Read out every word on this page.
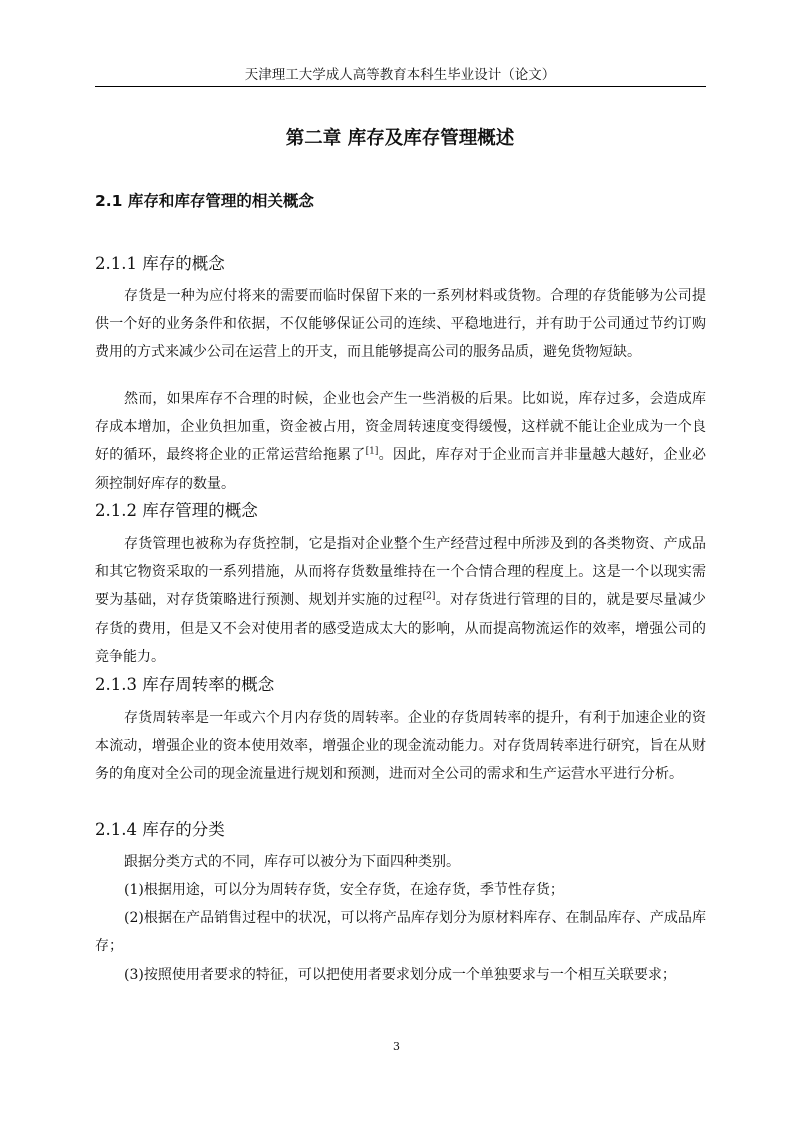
天津理工大学成人高等教育本科生毕业设计（论文）
第二章 库存及库存管理概述
2.1 库存和库存管理的相关概念
2.1.1 库存的概念

存货是一种为应付将来的需要而临时保留下来的一系列材料或货物。合理的存货能够为公司提供一个好的业务条件和依据，不仅能够保证公司的连续、平稳地进行，并有助于公司通过节约订购费用的方式来减少公司在运营上的开支，而且能够提高公司的服务品质，避免货物短缺。

然而，如果库存不合理的时候，企业也会产生一些消极的后果。比如说，库存过多，会造成库存成本增加，企业负担加重，资金被占用，资金周转速度变得缓慢，这样就不能让企业成为一个良好的循环，最终将企业的正常运营给拖累了[1]。因此，库存对于企业而言并非量越大越好，企业必须控制好库存的数量。

2.1.2 库存管理的概念

存货管理也被称为存货控制，它是指对企业整个生产经营过程中所涉及到的各类物资、产成品和其它物资采取的一系列措施，从而将存货数量维持在一个合情合理的程度上。这是一个以现实需要为基础，对存货策略进行预测、规划并实施的过程[2]。对存货进行管理的目的，就是要尽量减少存货的费用，但是又不会对使用者的感受造成太大的影响，从而提高物流运作的效率，增强公司的竞争能力。

2.1.3 库存周转率的概念

存货周转率是一年或六个月内存货的周转率。企业的存货周转率的提升，有利于加速企业的资本流动，增强企业的资本使用效率，增强企业的现金流动能力。对存货周转率进行研究，旨在从财务的角度对全公司的现金流量进行规划和预测，进而对全公司的需求和生产运营水平进行分析。

2.1.4 库存的分类

跟据分类方式的不同，库存可以被分为下面四种类别。

(1)根据用途，可以分为周转存货，安全存货，在途存货，季节性存货；

(2)根据在产品销售过程中的状况，可以将产品库存划分为原材料库存、在制品库存、产成品库存；

(3)按照使用者要求的特征，可以把使用者要求划分成一个单独要求与一个相互关联要求；

3
